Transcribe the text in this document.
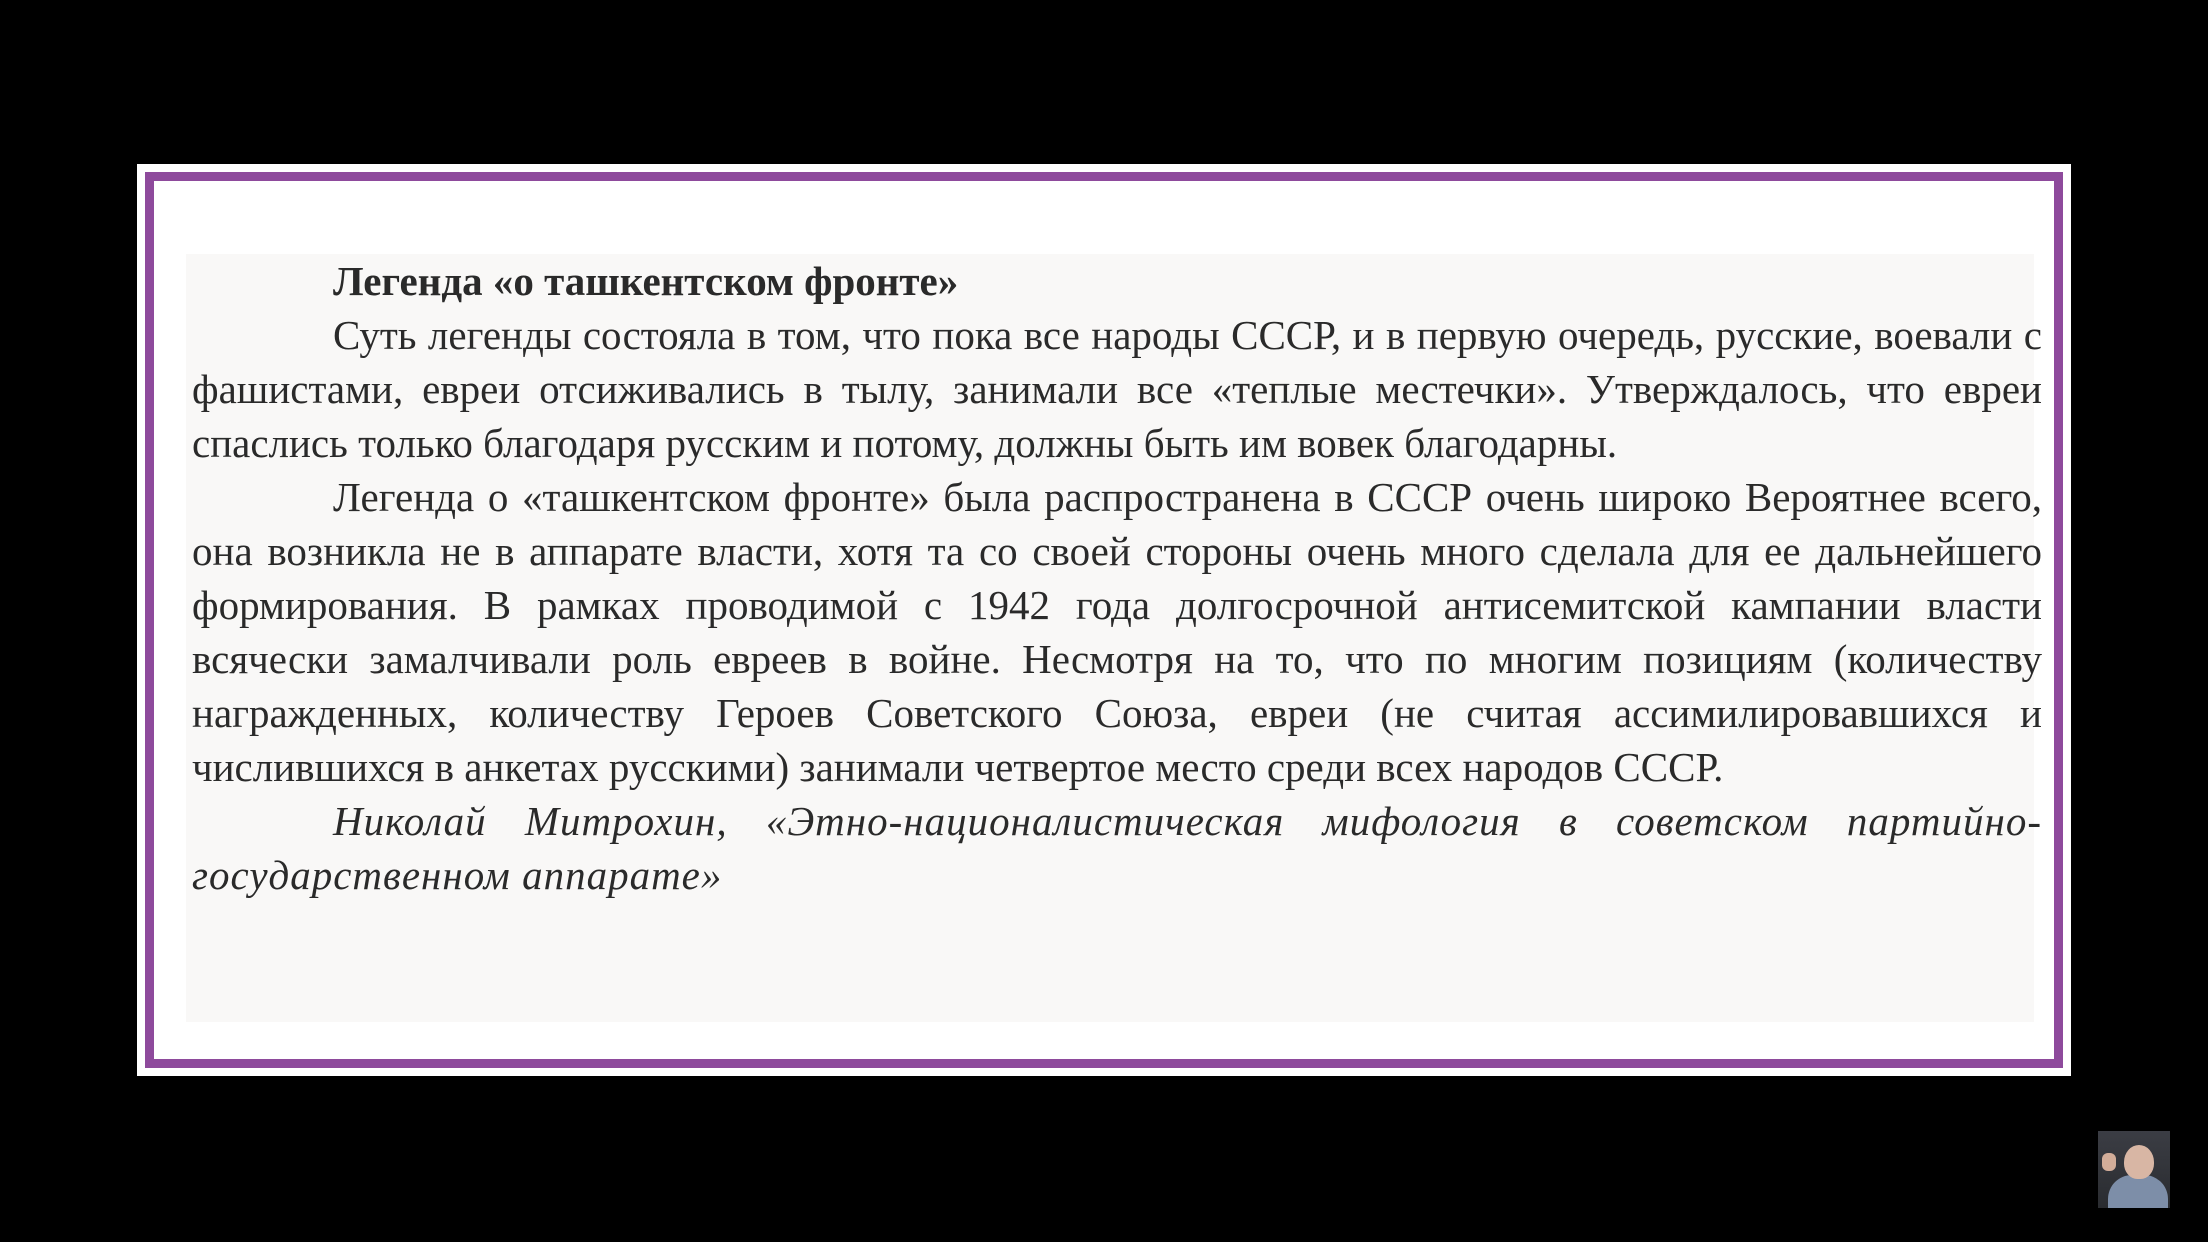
Легенда «о ташкентском фронте»

Суть легенды состояла в том, что пока все народы СССР, и в первую очередь, русские, воевали с фашистами, евреи отсиживались в тылу, занимали все «теплые местечки». Утверждалось, что евреи спаслись только благодаря русским и потому, должны быть им вовек благодарны.

Легенда о «ташкентском фронте» была распространена в СССР очень широко Вероятнее всего, она возникла не в аппарате власти, хотя та со своей стороны очень много сделала для ее дальнейшего формирования. В рамках проводимой с 1942 года долгосрочной антисемитской кампании власти всячески замалчивали роль евреев в войне. Несмотря на то, что по многим позициям (количеству награжденных, количеству Героев Советского Союза, евреи (не считая ассимилировавшихся и числившихся в анкетах русскими) занимали четвертое место среди всех народов СССР.

Николай Митрохин, «Этно-националистическая мифология в советском партийно-государственном аппарате»
